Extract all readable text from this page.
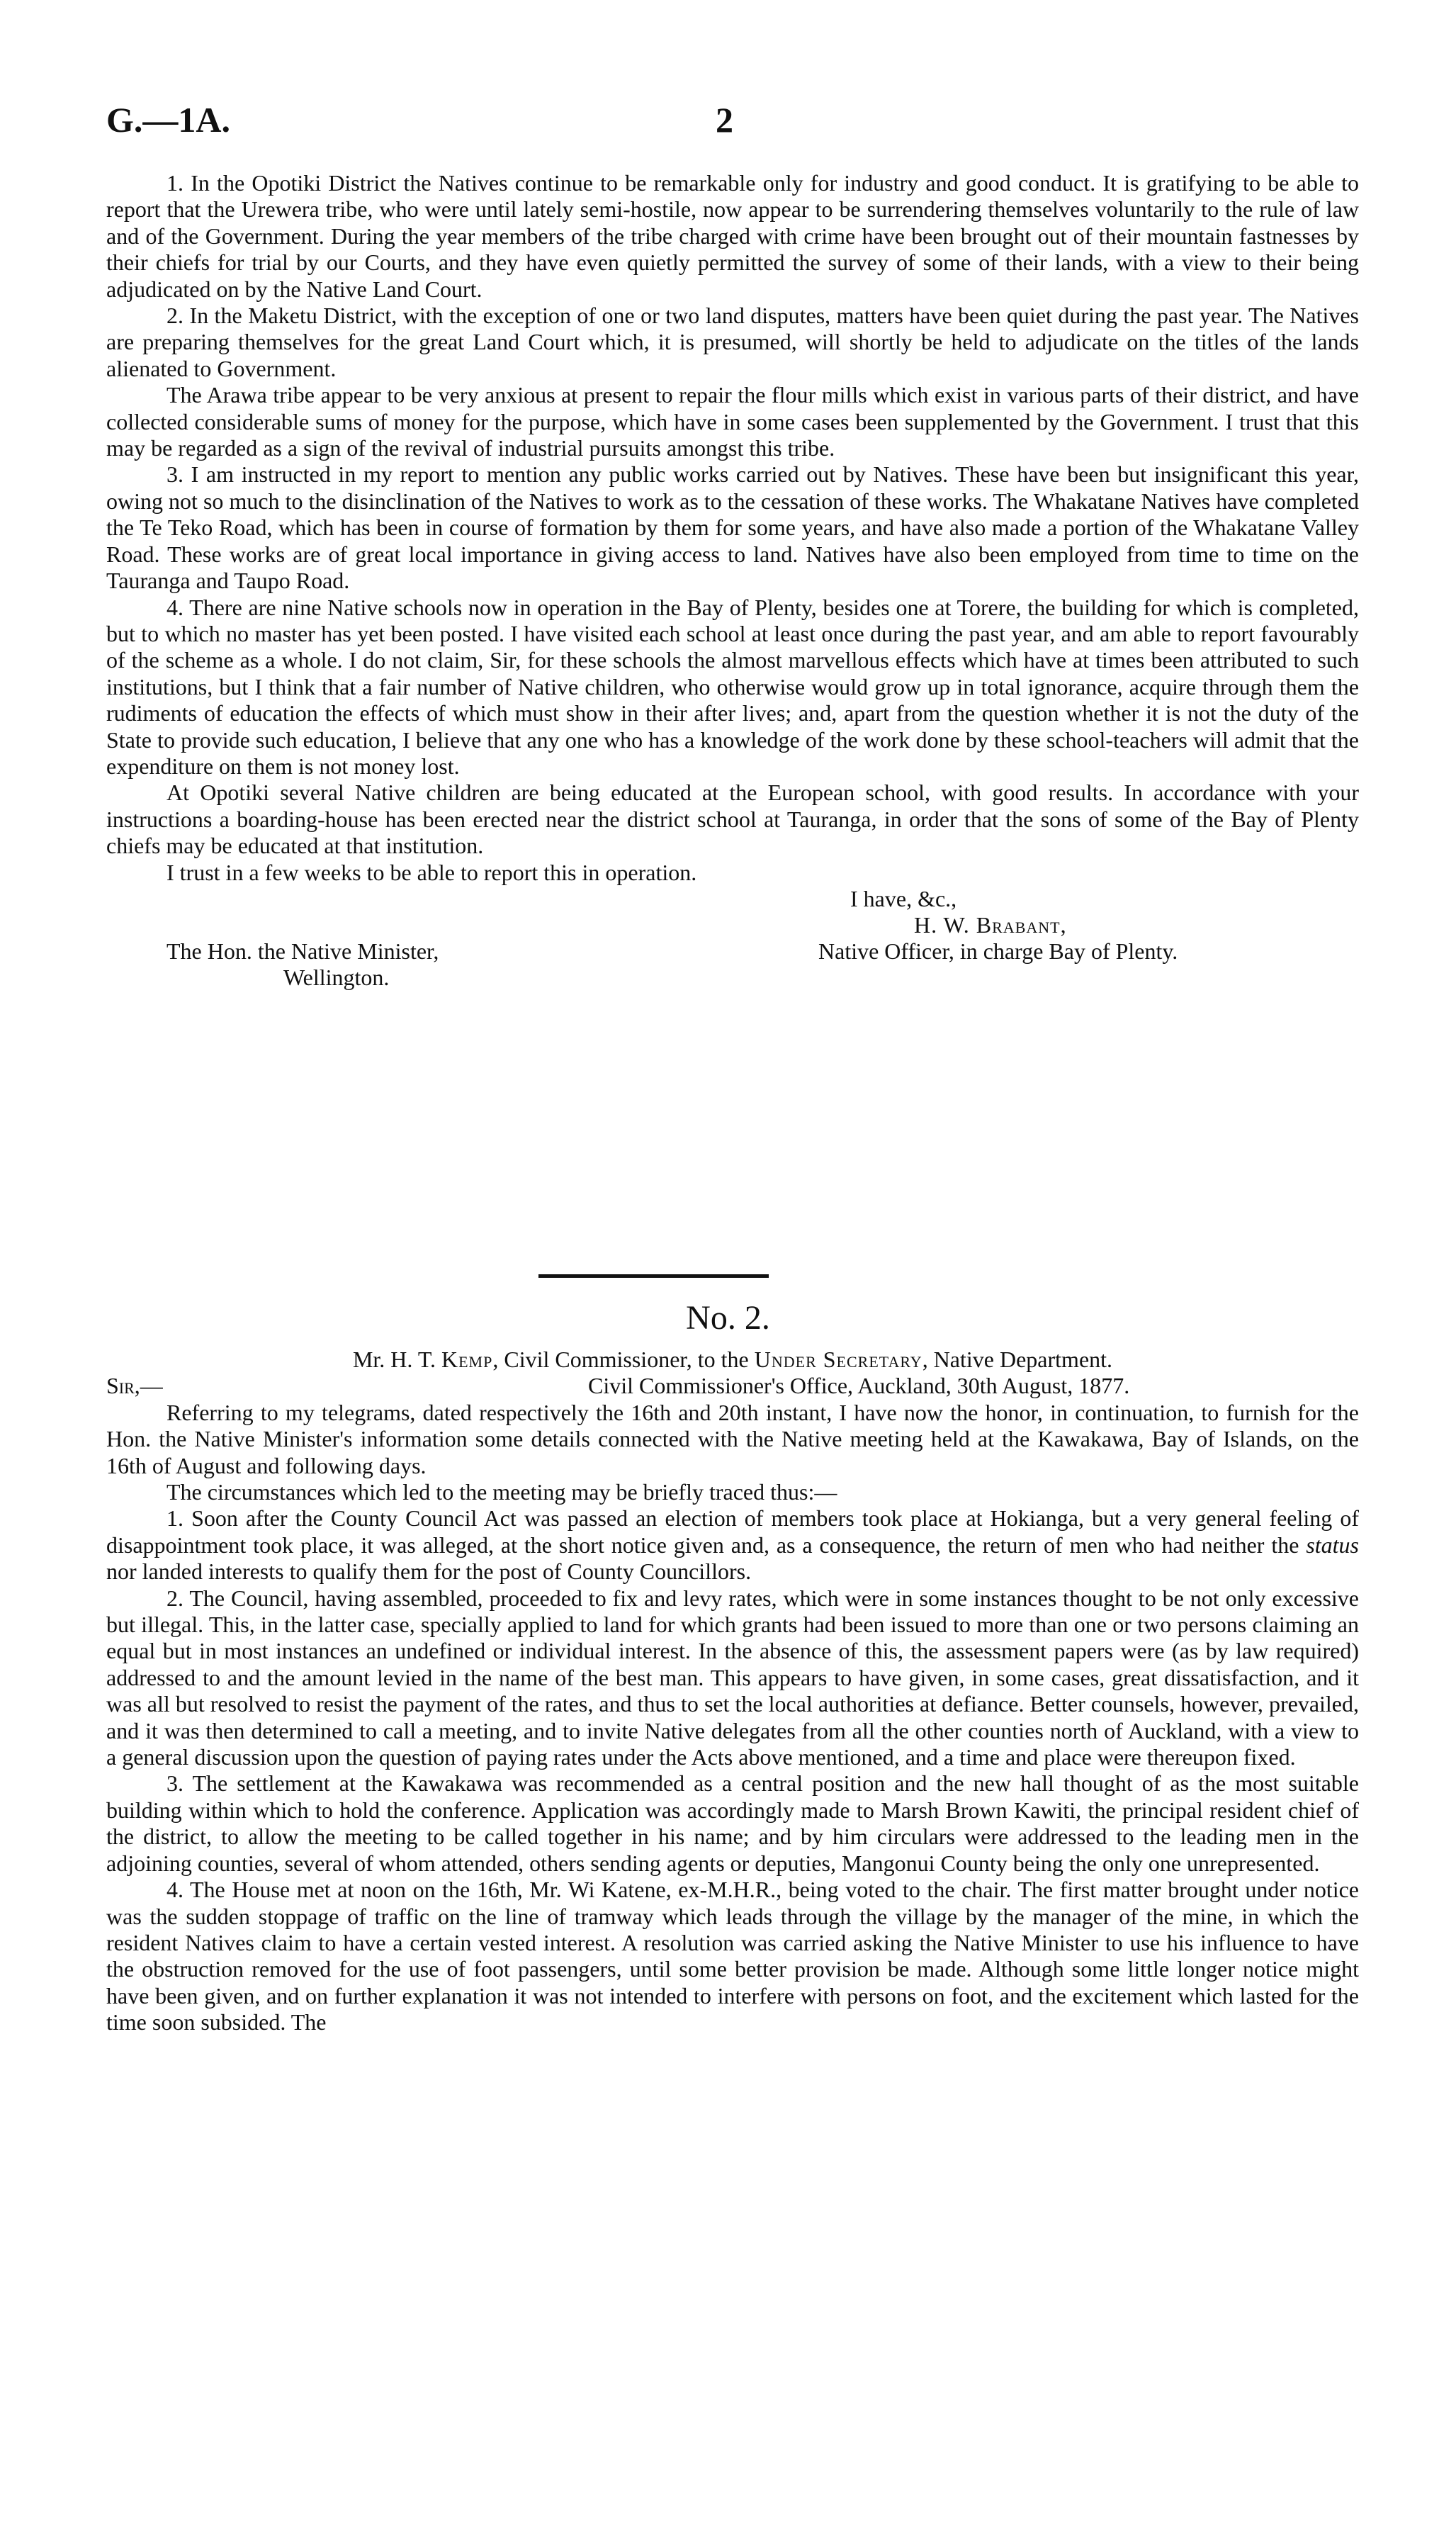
G.—1A.	2

1. In the Opotiki District the Natives continue to be remarkable only for industry and good conduct. It is gratifying to be able to report that the Urewera tribe, who were until lately semi-hostile, now appear to be surrendering themselves voluntarily to the rule of law and of the Government. During the year members of the tribe charged with crime have been brought out of their mountain fastnesses by their chiefs for trial by our Courts, and they have even quietly permitted the survey of some of their lands, with a view to their being adjudicated on by the Native Land Court.

2. In the Maketu District, with the exception of one or two land disputes, matters have been quiet during the past year. The Natives are preparing themselves for the great Land Court which, it is presumed, will shortly be held to adjudicate on the titles of the lands alienated to Government.

The Arawa tribe appear to be very anxious at present to repair the flour mills which exist in various parts of their district, and have collected considerable sums of money for the purpose, which have in some cases been supplemented by the Government. I trust that this may be regarded as a sign of the revival of industrial pursuits amongst this tribe.

3. I am instructed in my report to mention any public works carried out by Natives. These have been but insignificant this year, owing not so much to the disinclination of the Natives to work as to the cessation of these works. The Whakatane Natives have completed the Te Teko Road, which has been in course of formation by them for some years, and have also made a portion of the Whakatane Valley Road. These works are of great local importance in giving access to land. Natives have also been employed from time to time on the Tauranga and Taupo Road.

4. There are nine Native schools now in operation in the Bay of Plenty, besides one at Torere, the building for which is completed, but to which no master has yet been posted. I have visited each school at least once during the past year, and am able to report favourably of the scheme as a whole. I do not claim, Sir, for these schools the almost marvellous effects which have at times been attributed to such institutions, but I think that a fair number of Native children, who otherwise would grow up in total ignorance, acquire through them the rudiments of education the effects of which must show in their after lives; and, apart from the question whether it is not the duty of the State to provide such education, I believe that any one who has a knowledge of the work done by these school-teachers will admit that the expenditure on them is not money lost.

At Opotiki several Native children are being educated at the European school, with good results. In accordance with your instructions a boarding-house has been erected near the district school at Tauranga, in order that the sons of some of the Bay of Plenty chiefs may be educated at that institution.

I trust in a few weeks to be able to report this in operation.

I have, &c.,
H. W. Brabant,
Native Officer, in charge Bay of Plenty.
The Hon. the Native Minister,
Wellington.
No. 2.

Mr. H. T. Kemp, Civil Commissioner, to the Under Secretary, Native Department.

Sir,—	Civil Commissioner's Office, Auckland, 30th August, 1877.

Referring to my telegrams, dated respectively the 16th and 20th instant, I have now the honor, in continuation, to furnish for the Hon. the Native Minister's information some details connected with the Native meeting held at the Kawakawa, Bay of Islands, on the 16th of August and following days.

The circumstances which led to the meeting may be briefly traced thus:—

1. Soon after the County Council Act was passed an election of members took place at Hokianga, but a very general feeling of disappointment took place, it was alleged, at the short notice given and, as a consequence, the return of men who had neither the status nor landed interests to qualify them for the post of County Councillors.

2. The Council, having assembled, proceeded to fix and levy rates, which were in some instances thought to be not only excessive but illegal. This, in the latter case, specially applied to land for which grants had been issued to more than one or two persons claiming an equal but in most instances an undefined or individual interest. In the absence of this, the assessment papers were (as by law required) addressed to and the amount levied in the name of the best man. This appears to have given, in some cases, great dissatisfaction, and it was all but resolved to resist the payment of the rates, and thus to set the local authorities at defiance. Better counsels, however, prevailed, and it was then determined to call a meeting, and to invite Native delegates from all the other counties north of Auckland, with a view to a general discussion upon the question of paying rates under the Acts above mentioned, and a time and place were thereupon fixed.

3. The settlement at the Kawakawa was recommended as a central position and the new hall thought of as the most suitable building within which to hold the conference. Application was accordingly made to Marsh Brown Kawiti, the principal resident chief of the district, to allow the meeting to be called together in his name; and by him circulars were addressed to the leading men in the adjoining counties, several of whom attended, others sending agents or deputies, Mangonui County being the only one unrepresented.

4. The House met at noon on the 16th, Mr. Wi Katene, ex-M.H.R., being voted to the chair. The first matter brought under notice was the sudden stoppage of traffic on the line of tramway which leads through the village by the manager of the mine, in which the resident Natives claim to have a certain vested interest. A resolution was carried asking the Native Minister to use his influence to have the obstruction removed for the use of foot passengers, until some better provision be made. Although some little longer notice might have been given, and on further explanation it was not intended to interfere with persons on foot, and the excitement which lasted for the time soon subsided. The
